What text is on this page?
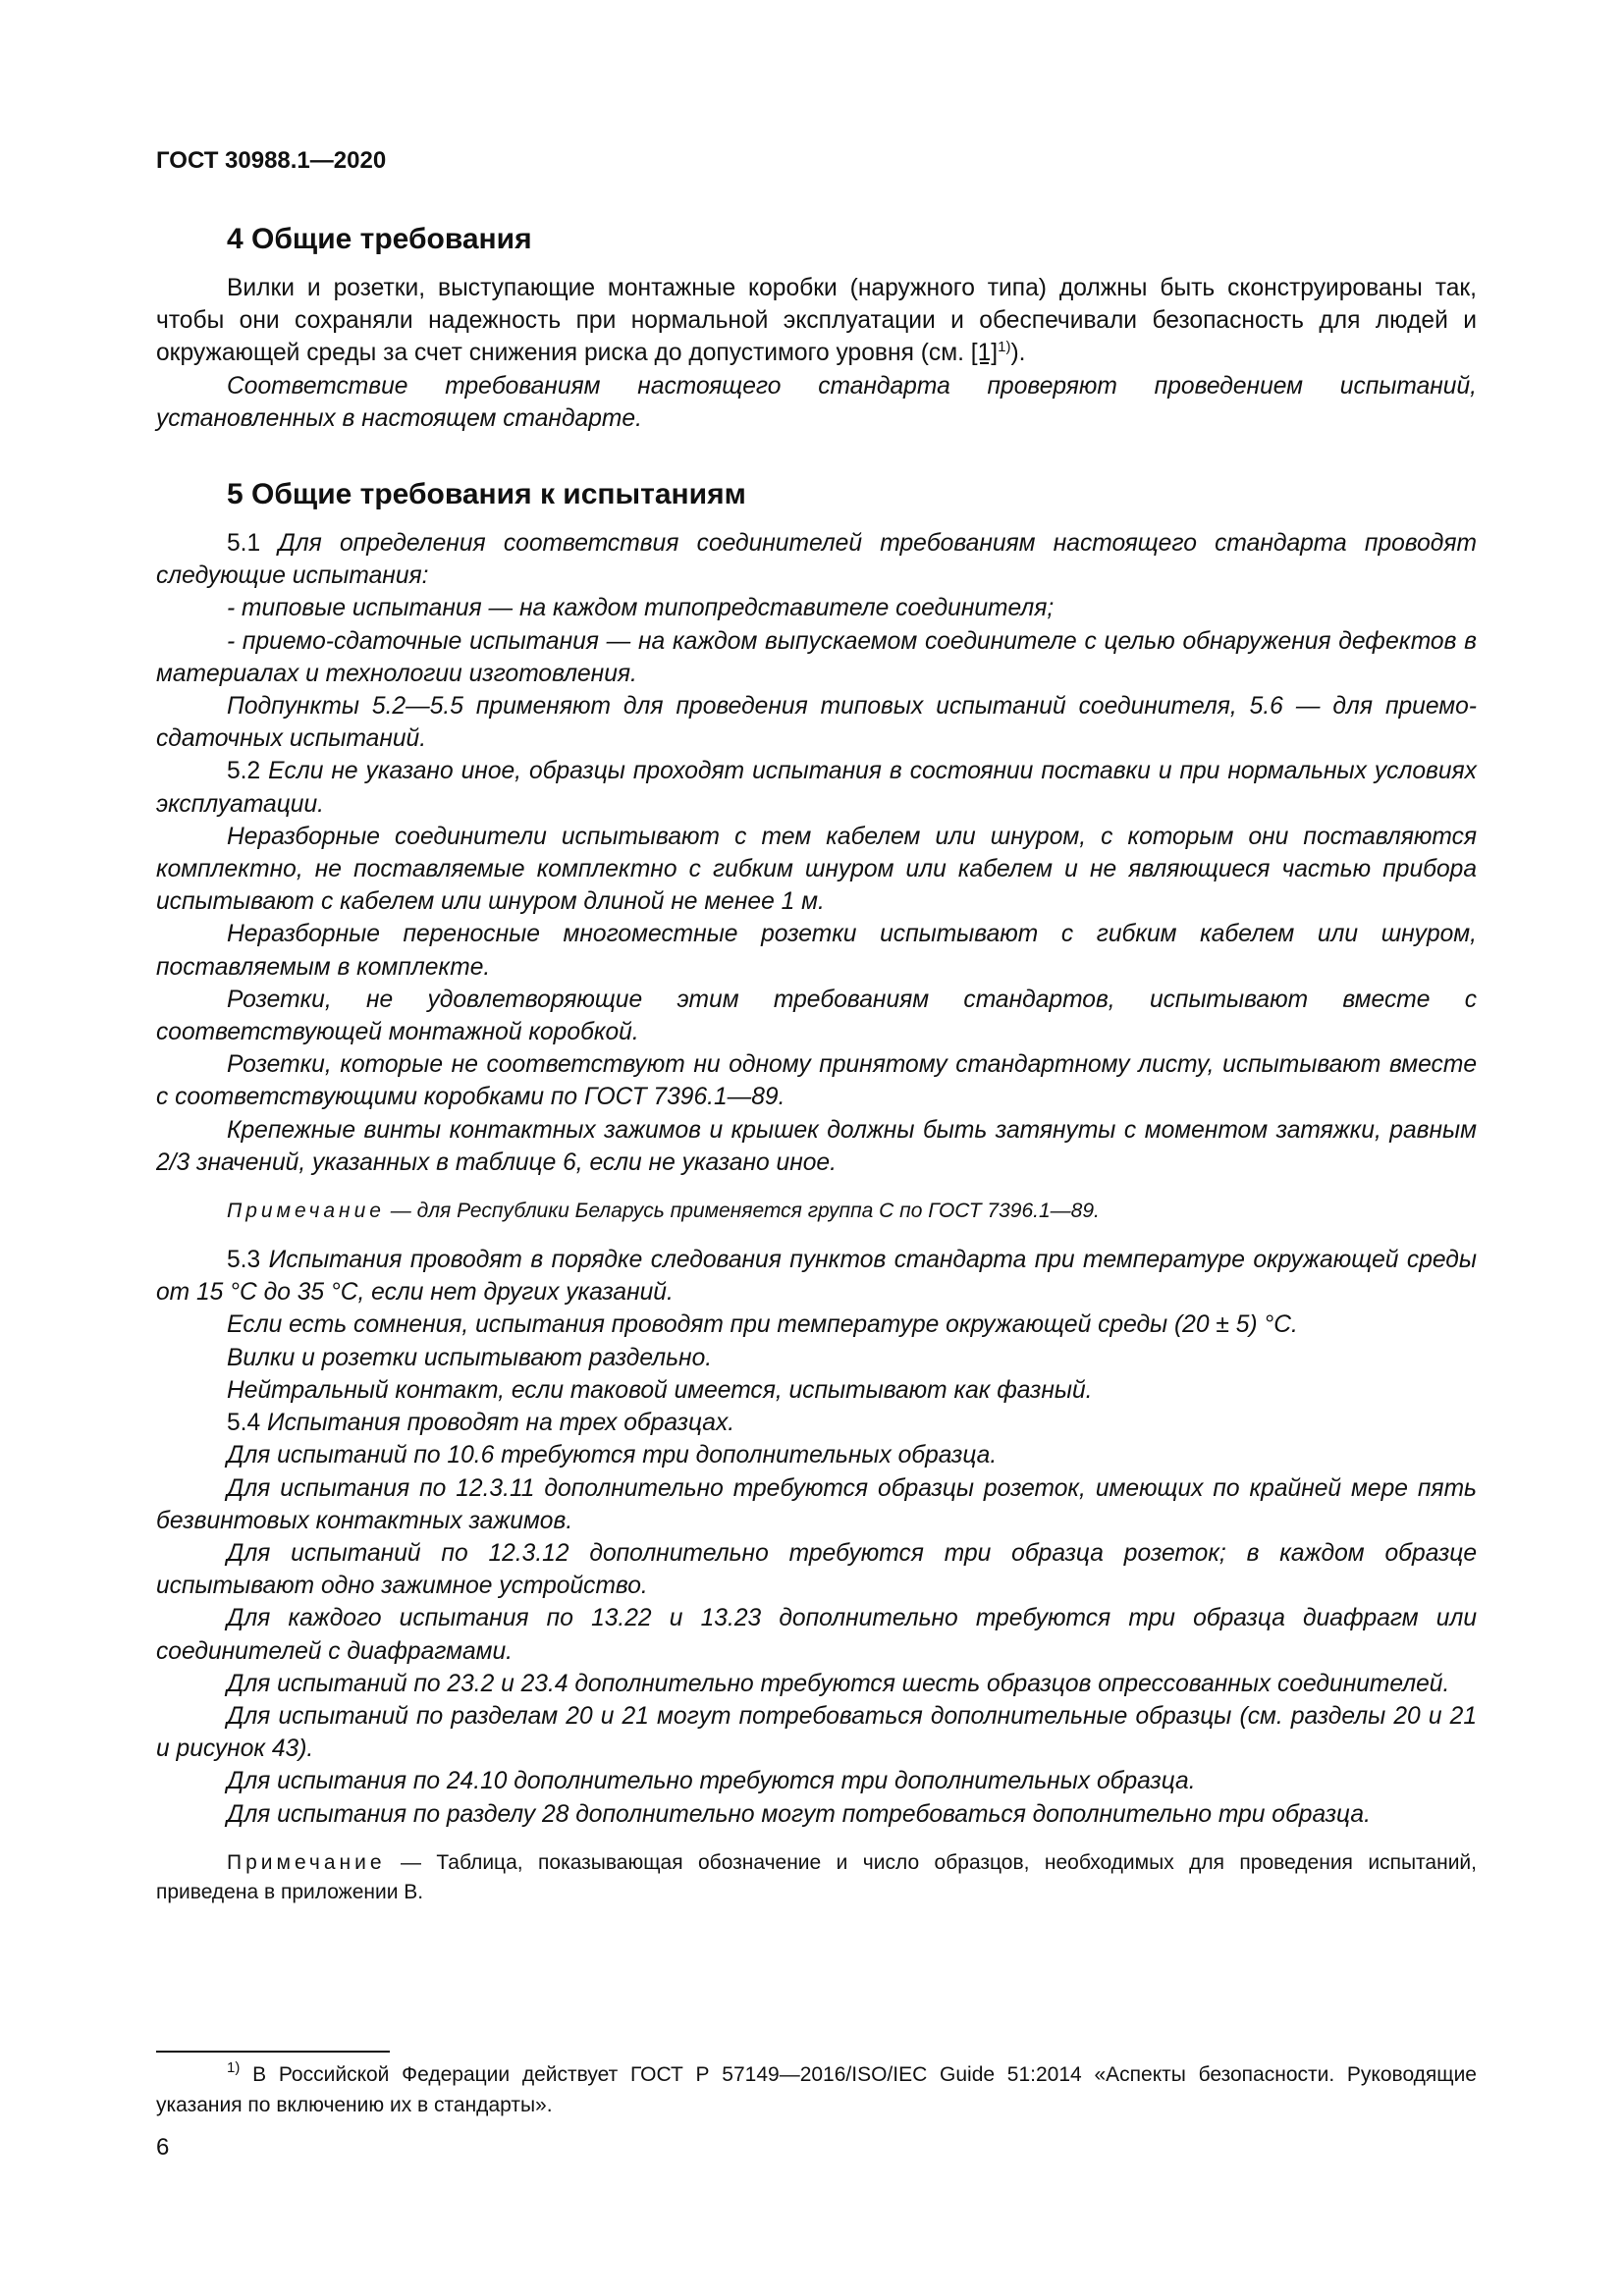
ГОСТ 30988.1—2020
4 Общие требования

Вилки и розетки, выступающие монтажные коробки (наружного типа) должны быть сконструированы так, чтобы они сохраняли надежность при нормальной эксплуатации и обеспечивали безопасность для людей и окружающей среды за счет снижения риска до допустимого уровня (см. $[1]^{1)}$).

Соответствие требованиям настоящего стандарта проверяют проведением испытаний, установленных в настоящем стандарте.

5 Общие требования к испытаниям

5.1 Для определения соответствия соединителей требованиям настоящего стандарта проводят следующие испытания:

- типовые испытания — на каждом типопредставителе соединителя;

- приемо-сдаточные испытания — на каждом выпускаемом соединителе с целью обнаружения дефектов в материалах и технологии изготовления.

Подпункты 5.2—5.5 применяют для проведения типовых испытаний соединителя, 5.6 — для приемо-сдаточных испытаний.

5.2 Если не указано иное, образцы проходят испытания в состоянии поставки и при нормальных условиях эксплуатации.

Неразборные соединители испытывают с тем кабелем или шнуром, с которым они поставляются комплектно, не поставляемые комплектно с гибким шнуром или кабелем и не являющиеся частью прибора испытывают с кабелем или шнуром длиной не менее 1 м.

Неразборные переносные многоместные розетки испытывают с гибким кабелем или шнуром, поставляемым в комплекте.

Розетки, не удовлетворяющие этим требованиям стандартов, испытывают вместе с соответствующей монтажной коробкой.

Розетки, которые не соответствуют ни одному принятому стандартному листу, испытывают вместе с соответствующими коробками по ГОСТ 7396.1—89.

Крепежные винты контактных зажимов и крышек должны быть затянуты с моментом затяжки, равным 2/3 значений, указанных в таблице 6, если не указано иное.

Примечание — для Республики Беларусь применяется группа С по ГОСТ 7396.1—89.

5.3 Испытания проводят в порядке следования пунктов стандарта при температуре окружающей среды от 15 °С до 35 °С, если нет других указаний.

Если есть сомнения, испытания проводят при температуре окружающей среды (20 ± 5) °С.

Вилки и розетки испытывают раздельно.

Нейтральный контакт, если таковой имеется, испытывают как фазный.

5.4 Испытания проводят на трех образцах.

Для испытаний по 10.6 требуются три дополнительных образца.

Для испытания по 12.3.11 дополнительно требуются образцы розеток, имеющих по крайней мере пять безвинтовых контактных зажимов.

Для испытаний по 12.3.12 дополнительно требуются три образца розеток; в каждом образце испытывают одно зажимное устройство.

Для каждого испытания по 13.22 и 13.23 дополнительно требуются три образца диафрагм или соединителей с диафрагмами.

Для испытаний по 23.2 и 23.4 дополнительно требуются шесть образцов опрессованных соединителей.

Для испытаний по разделам 20 и 21 могут потребоваться дополнительные образцы (см. разделы 20 и 21 и рисунок 43).

Для испытания по 24.10 дополнительно требуются три дополнительных образца.

Для испытания по разделу 28 дополнительно могут потребоваться дополнительно три образца.

Примечание — Таблица, показывающая обозначение и число образцов, необходимых для проведения испытаний, приведена в приложении В.
$^{1)}$ В Российской Федерации действует ГОСТ Р 57149—2016/ISO/IEC Guide 51:2014 «Аспекты безопасности. Руководящие указания по включению их в стандарты».
6
